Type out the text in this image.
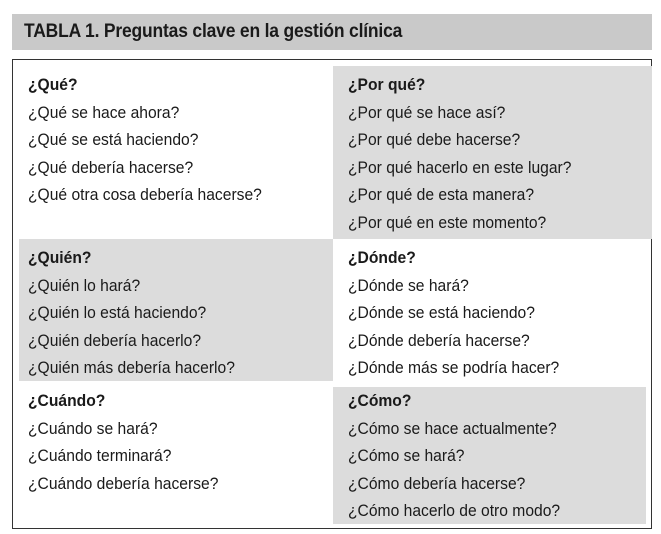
TABLA 1. Preguntas clave en la gestión clínica
¿Qué?
¿Qué se hace ahora?
¿Qué se está haciendo?
¿Qué debería hacerse?
¿Qué otra cosa debería hacerse?
¿Por qué?
¿Por qué se hace así?
¿Por qué debe hacerse?
¿Por qué hacerlo en este lugar?
¿Por qué de esta manera?
¿Por qué en este momento?
¿Quién?
¿Quién lo hará?
¿Quién lo está haciendo?
¿Quién debería hacerlo?
¿Quién más debería hacerlo?
¿Dónde?
¿Dónde se hará?
¿Dónde se está haciendo?
¿Dónde debería hacerse?
¿Dónde más se podría hacer?
¿Cuándo?
¿Cuándo se hará?
¿Cuándo terminará?
¿Cuándo debería hacerse?
¿Cómo?
¿Cómo se hace actualmente?
¿Cómo se hará?
¿Cómo debería hacerse?
¿Cómo hacerlo de otro modo?
